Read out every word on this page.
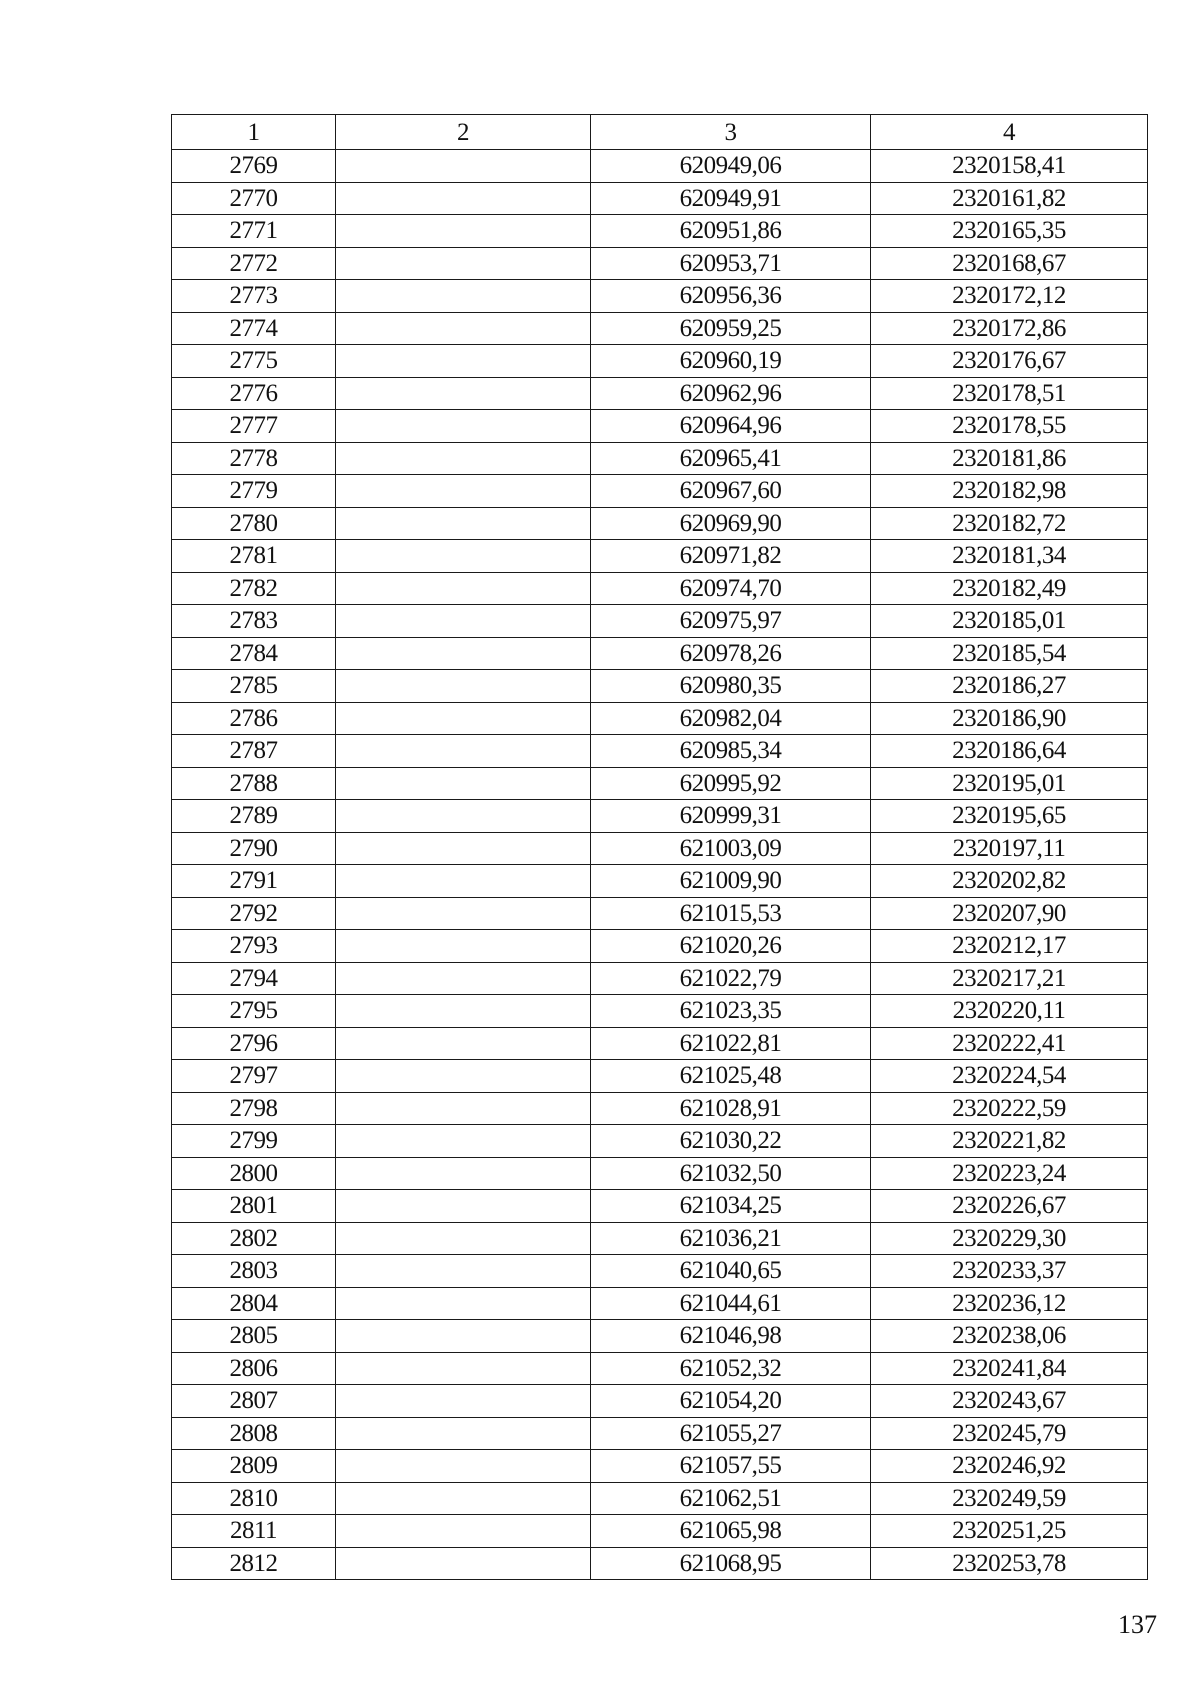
1	2	3	4
2769		620949,06	2320158,41
2770		620949,91	2320161,82
2771		620951,86	2320165,35
2772		620953,71	2320168,67
2773		620956,36	2320172,12
2774		620959,25	2320172,86
2775		620960,19	2320176,67
2776		620962,96	2320178,51
2777		620964,96	2320178,55
2778		620965,41	2320181,86
2779		620967,60	2320182,98
2780		620969,90	2320182,72
2781		620971,82	2320181,34
2782		620974,70	2320182,49
2783		620975,97	2320185,01
2784		620978,26	2320185,54
2785		620980,35	2320186,27
2786		620982,04	2320186,90
2787		620985,34	2320186,64
2788		620995,92	2320195,01
2789		620999,31	2320195,65
2790		621003,09	2320197,11
2791		621009,90	2320202,82
2792		621015,53	2320207,90
2793		621020,26	2320212,17
2794		621022,79	2320217,21
2795		621023,35	2320220,11
2796		621022,81	2320222,41
2797		621025,48	2320224,54
2798		621028,91	2320222,59
2799		621030,22	2320221,82
2800		621032,50	2320223,24
2801		621034,25	2320226,67
2802		621036,21	2320229,30
2803		621040,65	2320233,37
2804		621044,61	2320236,12
2805		621046,98	2320238,06
2806		621052,32	2320241,84
2807		621054,20	2320243,67
2808		621055,27	2320245,79
2809		621057,55	2320246,92
2810		621062,51	2320249,59
2811		621065,98	2320251,25
2812		621068,95	2320253,78
137
